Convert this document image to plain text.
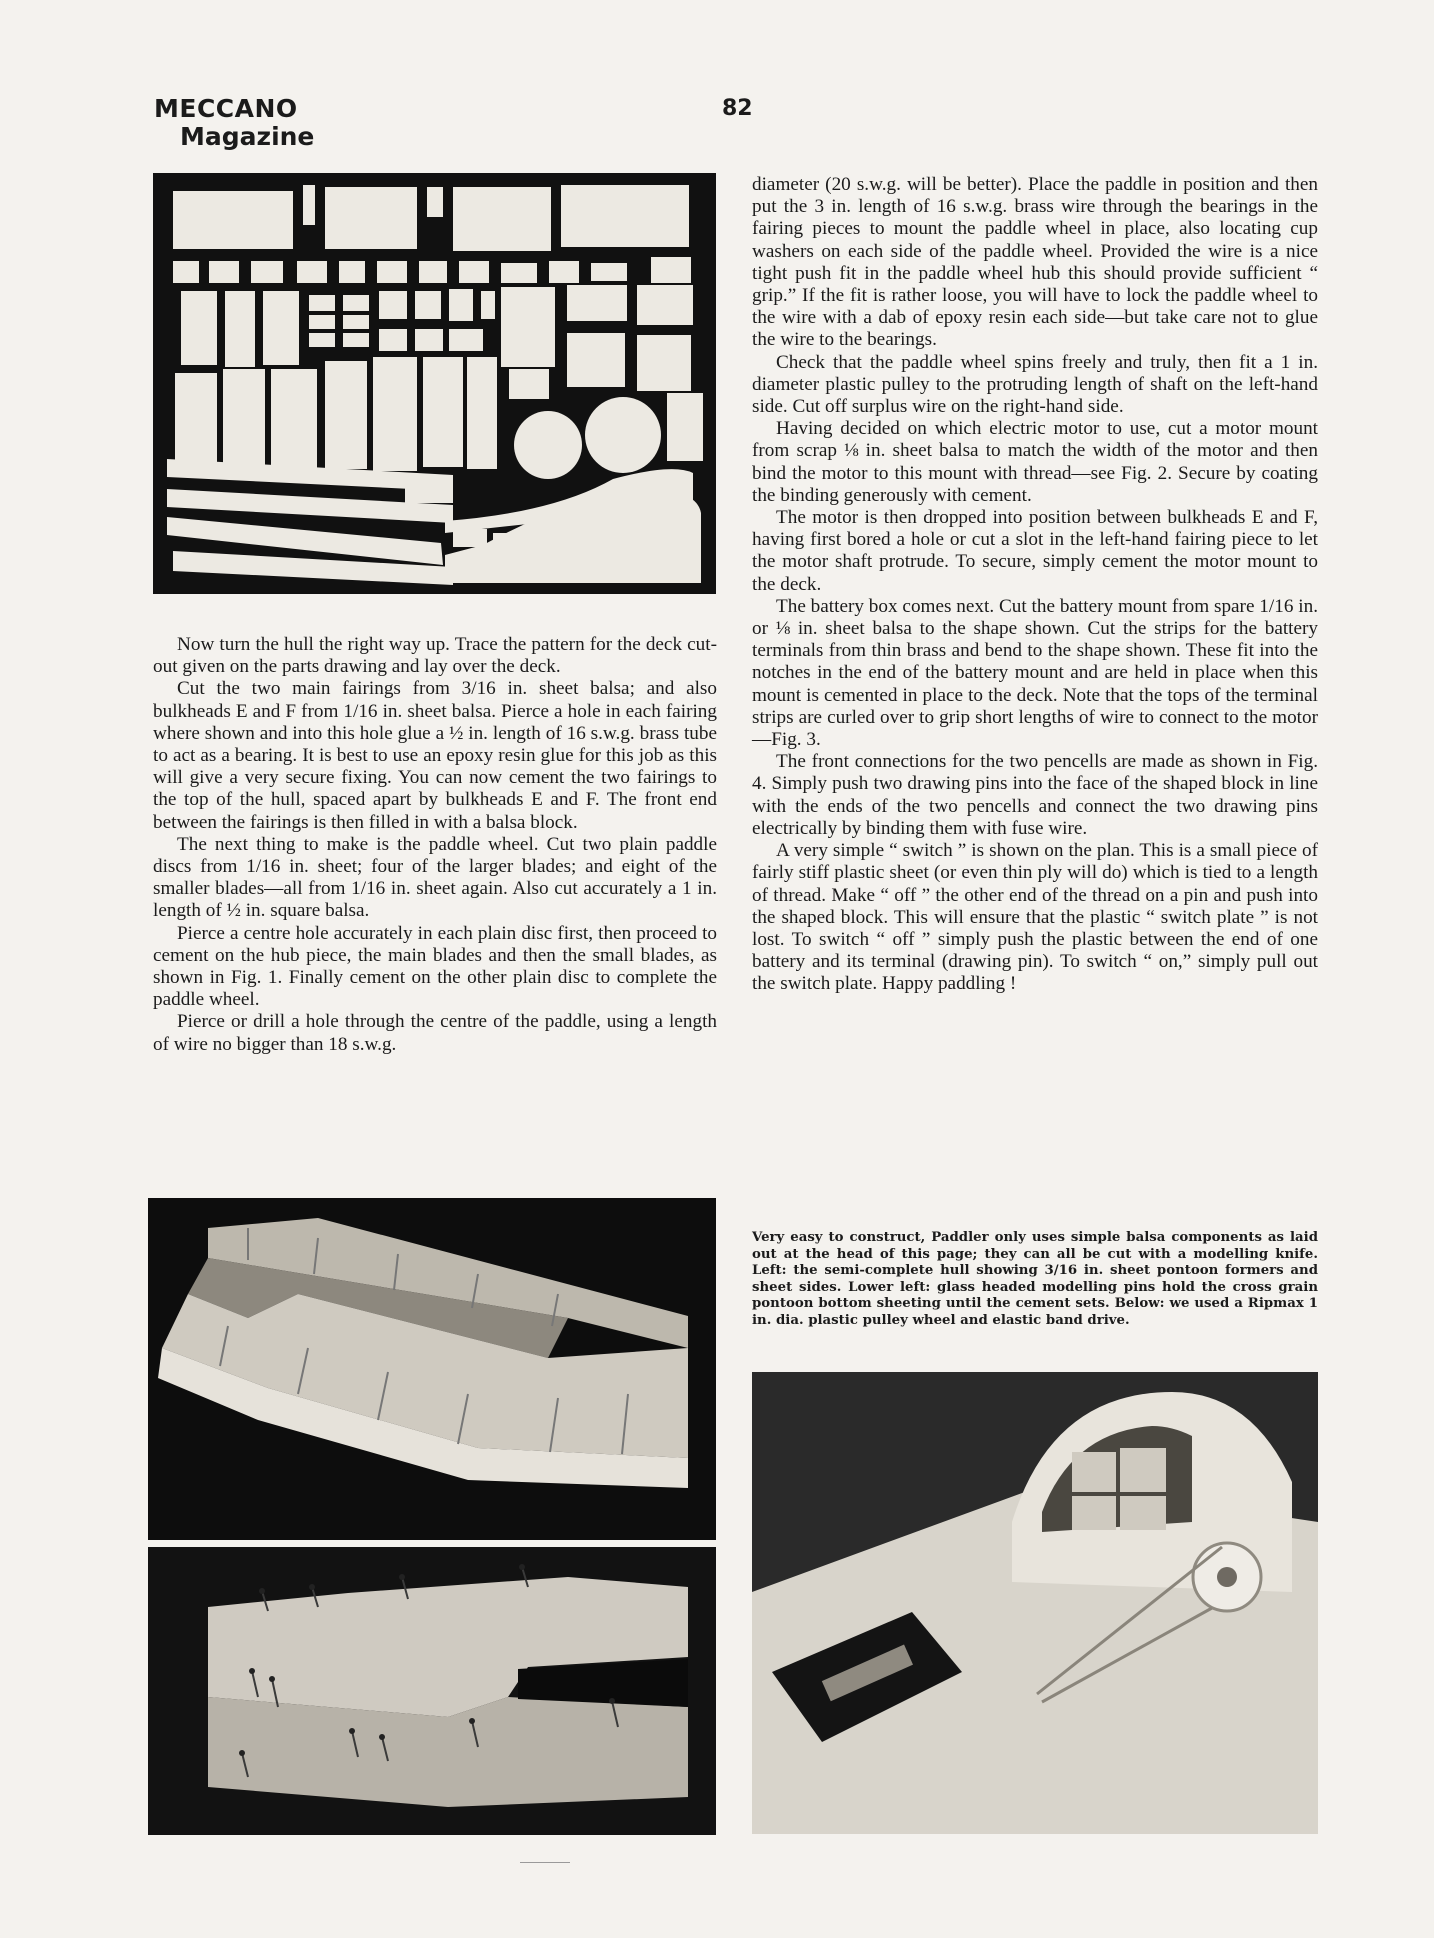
MECCANO
Magazine
82

Now turn the hull the right way up. Trace the pattern for the deck cut-out given on the parts drawing and lay over the deck.

Cut the two main fairings from 3/16 in. sheet balsa; and also bulkheads E and F from 1/16 in. sheet balsa. Pierce a hole in each fairing where shown and into this hole glue a ½ in. length of 16 s.w.g. brass tube to act as a bearing. It is best to use an epoxy resin glue for this job as this will give a very secure fixing. You can now cement the two fairings to the top of the hull, spaced apart by bulkheads E and F. The front end between the fairings is then filled in with a balsa block.

The next thing to make is the paddle wheel. Cut two plain paddle discs from 1/16 in. sheet; four of the larger blades; and eight of the smaller blades—all from 1/16 in. sheet again. Also cut accurately a 1 in. length of ½ in. square balsa.

Pierce a centre hole accurately in each plain disc first, then proceed to cement on the hub piece, the main blades and then the small blades, as shown in Fig. 1. Finally cement on the other plain disc to complete the paddle wheel.

Pierce or drill a hole through the centre of the paddle, using a length of wire no bigger than 18 s.w.g.

diameter (20 s.w.g. will be better). Place the paddle in position and then put the 3 in. length of 16 s.w.g. brass wire through the bearings in the fairing pieces to mount the paddle wheel in place, also locating cup washers on each side of the paddle wheel. Provided the wire is a nice tight push fit in the paddle wheel hub this should provide sufficient “ grip.” If the fit is rather loose, you will have to lock the paddle wheel to the wire with a dab of epoxy resin each side—but take care not to glue the wire to the bearings.

Check that the paddle wheel spins freely and truly, then fit a 1 in. diameter plastic pulley to the protruding length of shaft on the left-hand side. Cut off surplus wire on the right-hand side.

Having decided on which electric motor to use, cut a motor mount from scrap ⅛ in. sheet balsa to match the width of the motor and then bind the motor to this mount with thread—see Fig. 2. Secure by coating the binding generously with cement.

The motor is then dropped into position between bulkheads E and F, having first bored a hole or cut a slot in the left-hand fairing piece to let the motor shaft protrude. To secure, simply cement the motor mount to the deck.

The battery box comes next. Cut the battery mount from spare 1/16 in. or ⅛ in. sheet balsa to the shape shown. Cut the strips for the battery terminals from thin brass and bend to the shape shown. These fit into the notches in the end of the battery mount and are held in place when this mount is cemented in place to the deck. Note that the tops of the terminal strips are curled over to grip short lengths of wire to connect to the motor—Fig. 3.

The front connections for the two pencells are made as shown in Fig. 4. Simply push two drawing pins into the face of the shaped block in line with the ends of the two pencells and connect the two drawing pins electrically by binding them with fuse wire.

A very simple “ switch ” is shown on the plan. This is a small piece of fairly stiff plastic sheet (or even thin ply will do) which is tied to a length of thread. Make “ off ” the other end of the thread on a pin and push into the shaped block. This will ensure that the plastic “ switch plate ” is not lost. To switch “ off ” simply push the plastic between the end of one battery and its terminal (drawing pin). To switch “ on,” simply pull out the switch plate. Happy paddling !

Very easy to construct, Paddler only uses simple balsa components as laid out at the head of this page; they can all be cut with a modelling knife. Left: the semi-complete hull showing 3/16 in. sheet pontoon formers and sheet sides. Lower left: glass headed modelling pins hold the cross grain pontoon bottom sheeting until the cement sets. Below: we used a Ripmax 1 in. dia. plastic pulley wheel and elastic band drive.
